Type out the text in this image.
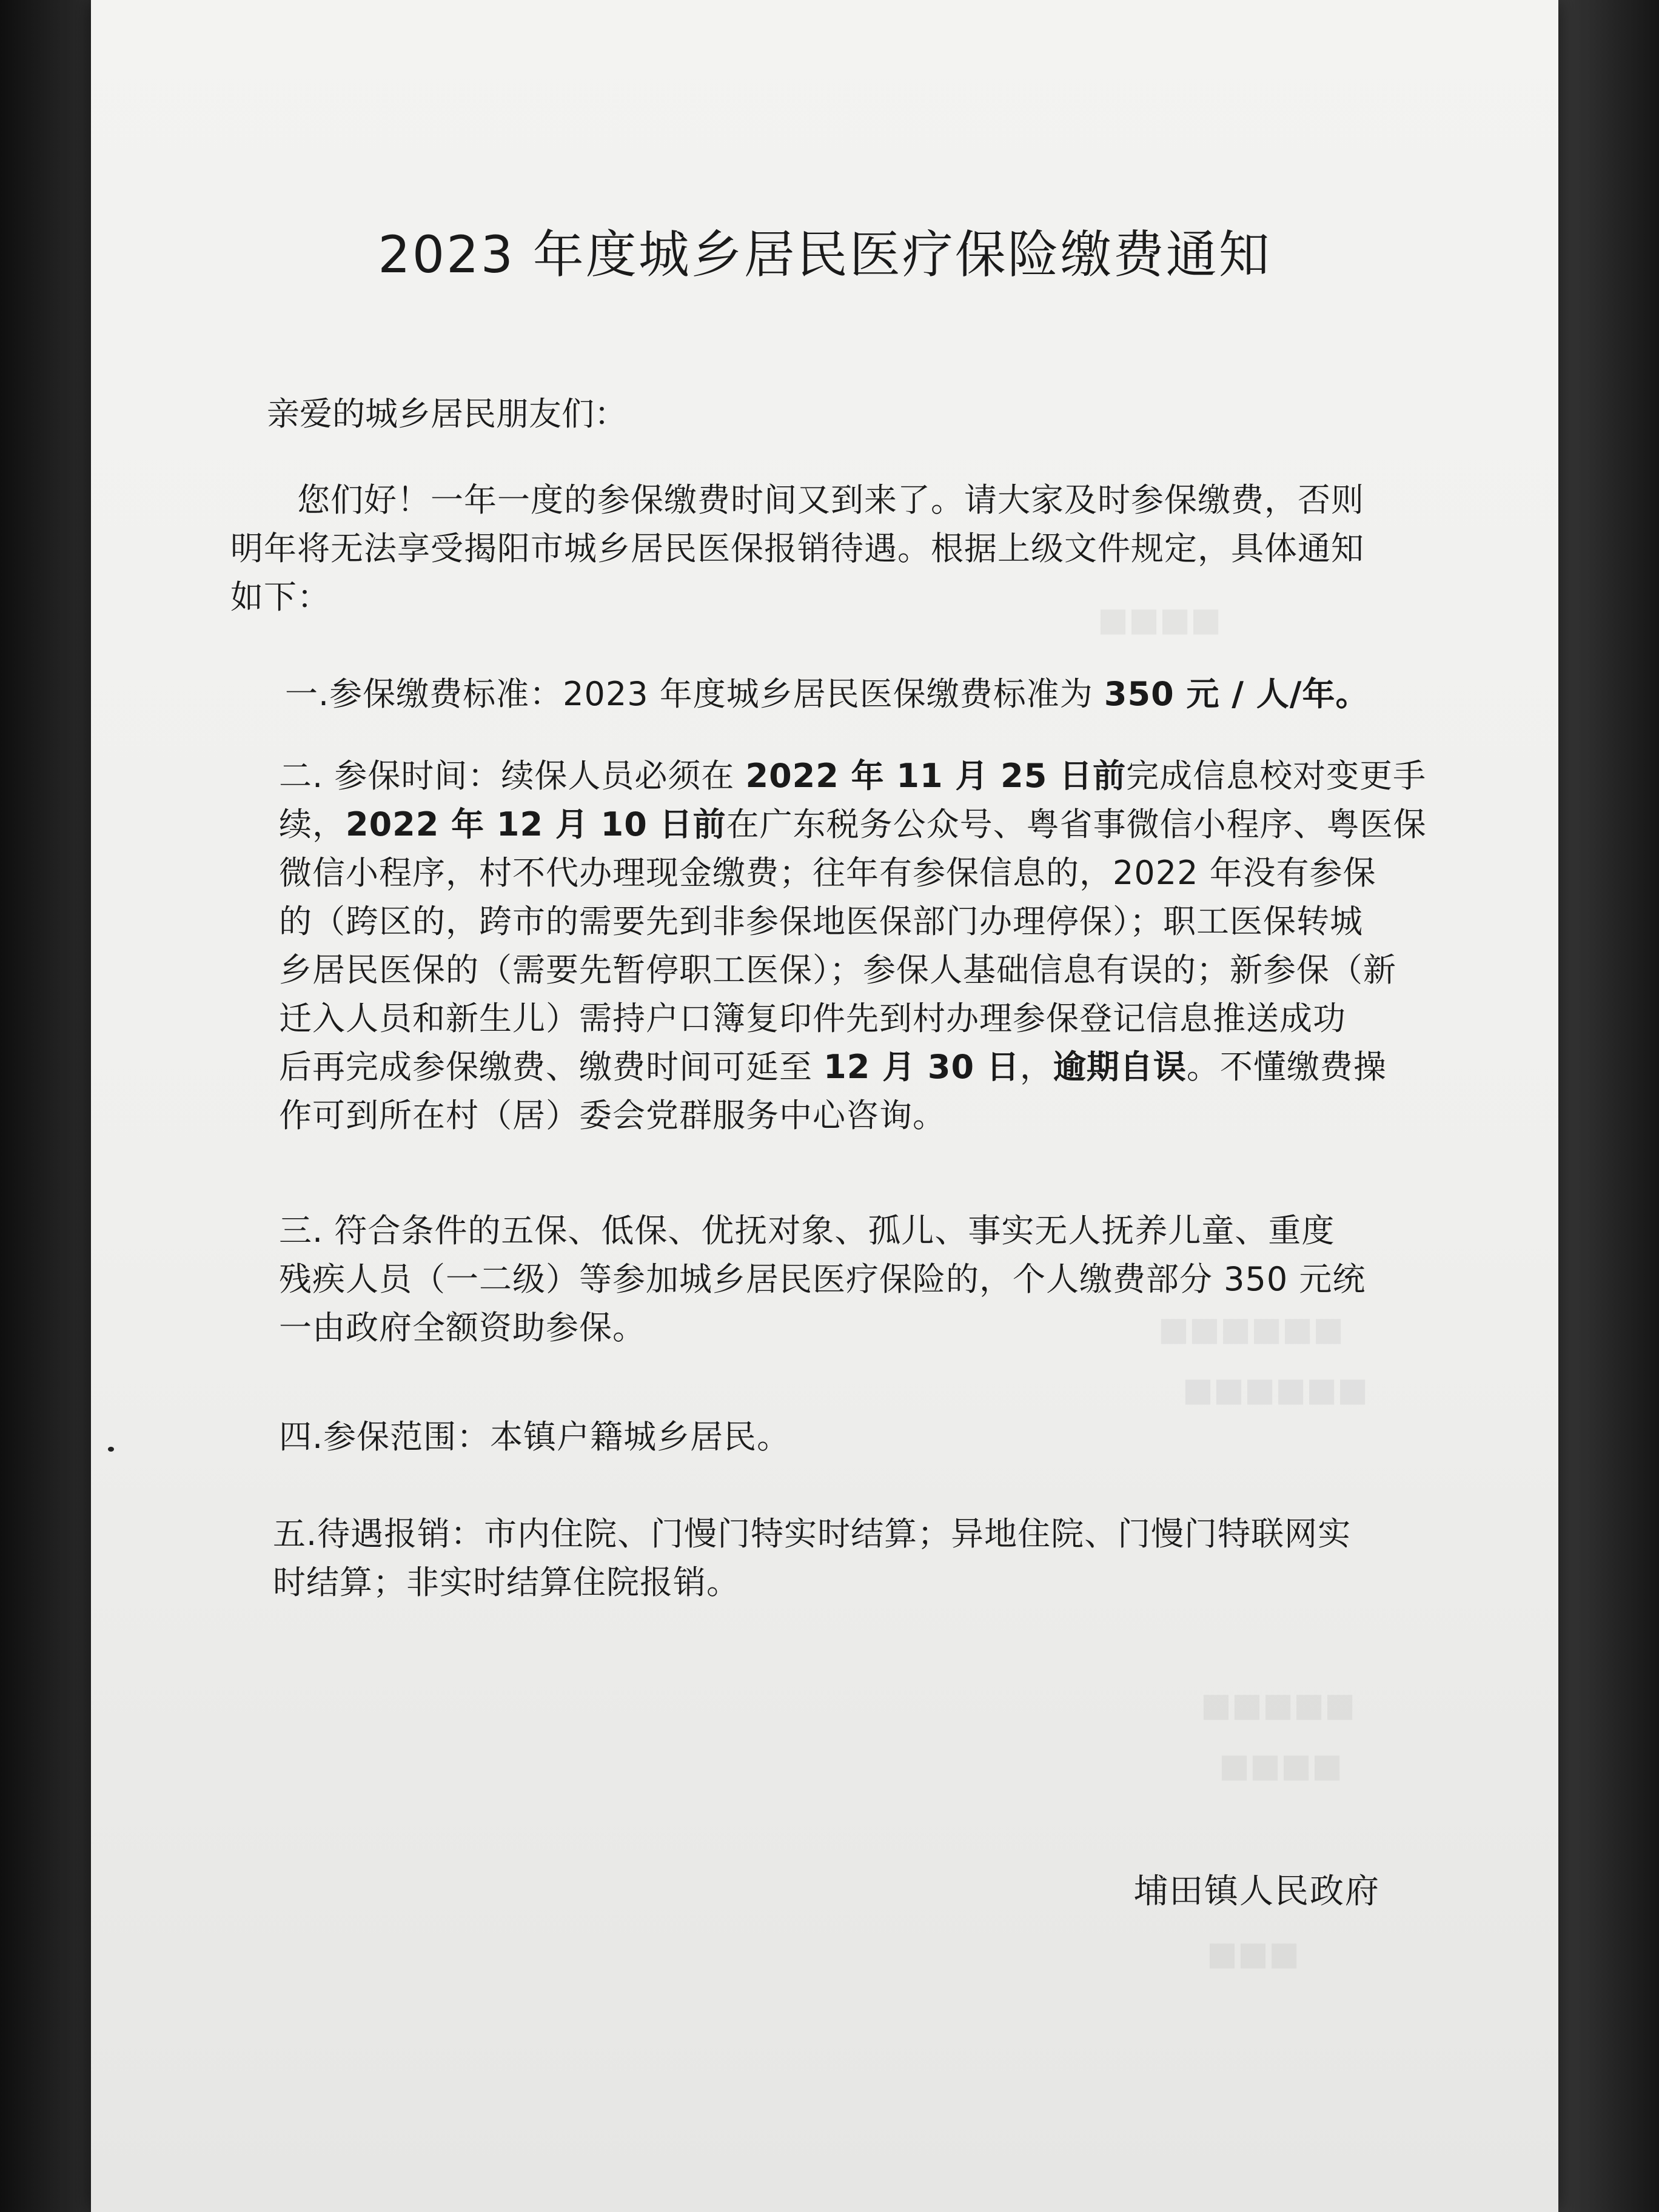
■■■■
■■■■■■
■■■■■■
■■■■■
■■■■
■■■
2023 年度城乡居民医疗保险缴费通知

亲爱的城乡居民朋友们：

您们好！一年一度的参保缴费时间又到来了。请大家及时参保缴费，否则
明年将无法享受揭阳市城乡居民医保报销待遇。根据上级文件规定，具体通知
如下：

一.参保缴费标准：2023 年度城乡居民医保缴费标准为 350 元 / 人/年。

二. 参保时间：续保人员必须在 2022 年 11 月 25 日前完成信息校对变更手
续，2022 年 12 月 10 日前在广东税务公众号、粤省事微信小程序、粤医保
微信小程序，村不代办理现金缴费；往年有参保信息的，2022 年没有参保
的（跨区的，跨市的需要先到非参保地医保部门办理停保）；职工医保转城
乡居民医保的（需要先暂停职工医保）；参保人基础信息有误的；新参保（新
迁入人员和新生儿）需持户口簿复印件先到村办理参保登记信息推送成功
后再完成参保缴费、缴费时间可延至 12 月 30 日，逾期自误。不懂缴费操
作可到所在村（居）委会党群服务中心咨询。

三. 符合条件的五保、低保、优抚对象、孤儿、事实无人抚养儿童、重度
残疾人员（一二级）等参加城乡居民医疗保险的，个人缴费部分 350 元统
一由政府全额资助参保。

四.参保范围：本镇户籍城乡居民。

五.待遇报销：市内住院、门慢门特实时结算；异地住院、门慢门特联网实
时结算；非实时结算住院报销。

埔田镇人民政府
